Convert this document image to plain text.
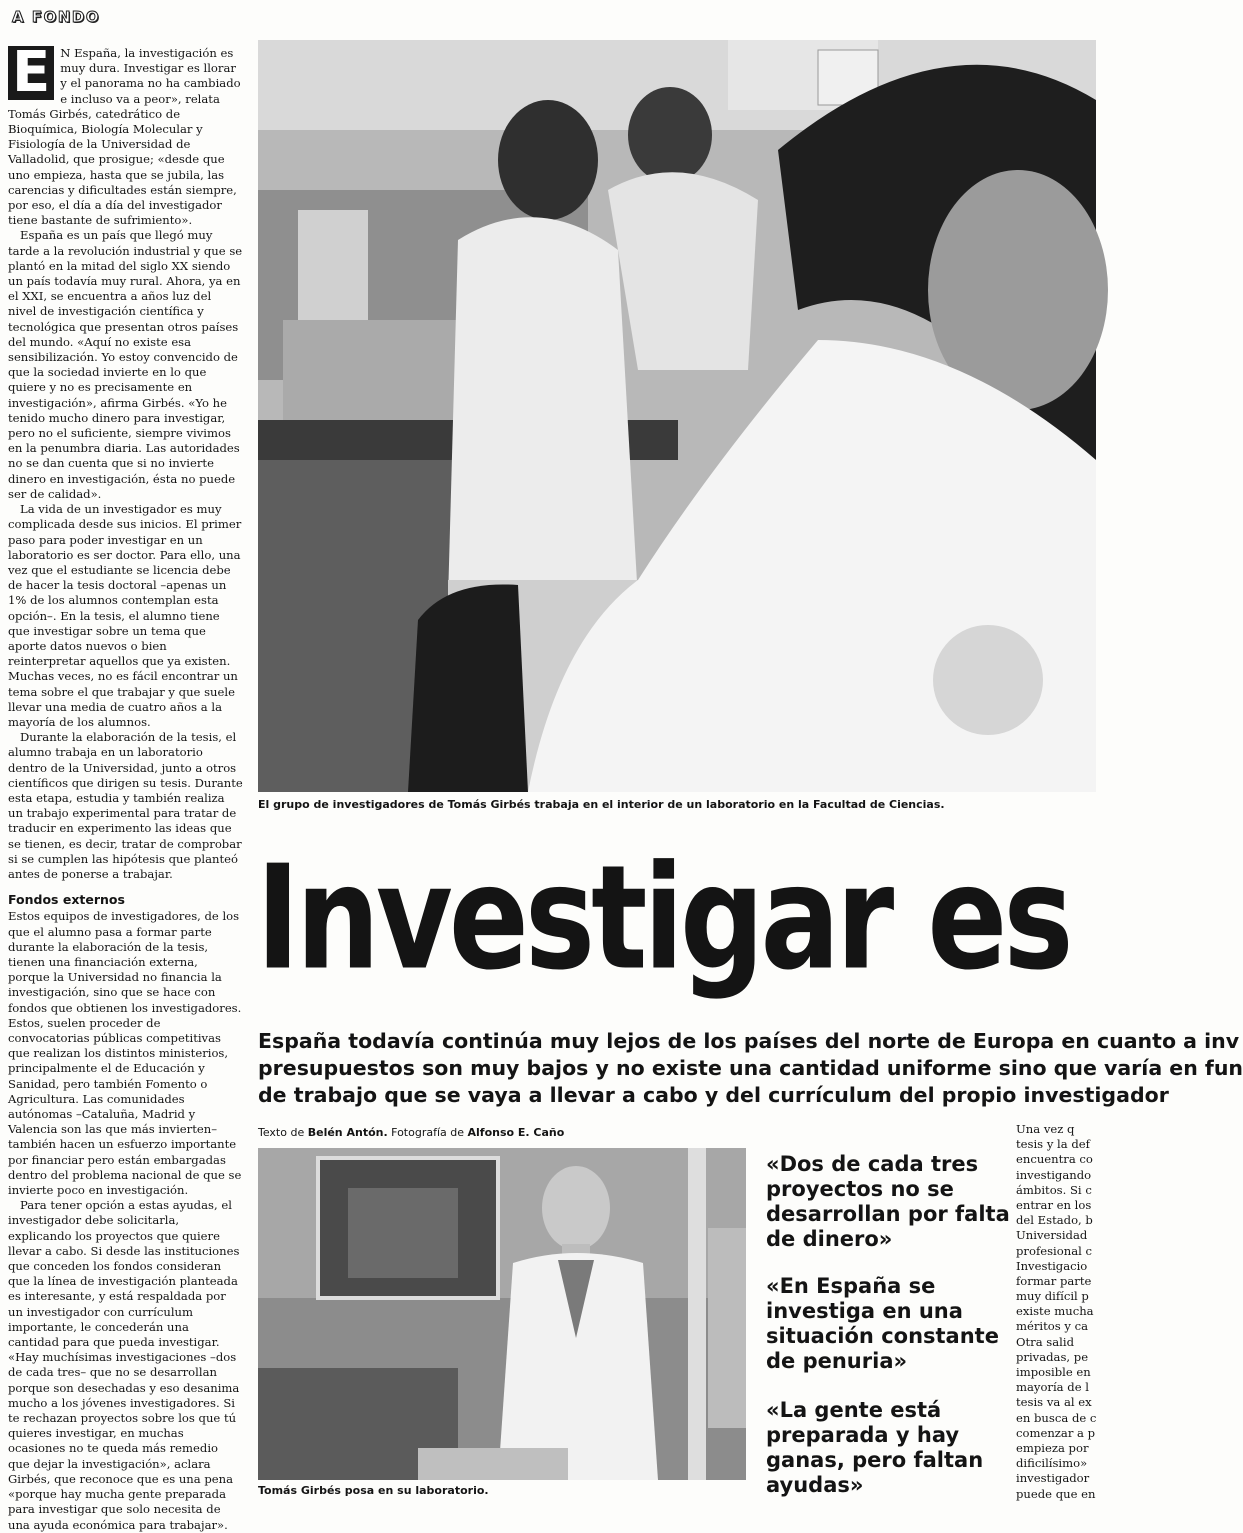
A FONDO

E N España, la investigación es muy dura. Investigar es llorar y el panorama no ha cambiado e incluso va a peor», relata Tomás Girbés, catedrático de Bioquímica, Biología Molecular y Fisiología de la Universidad de Valladolid, que prosigue; «desde que uno empieza, hasta que se jubila, las carencias y dificultades están siempre, por eso, el día a día del investigador tiene bastante de sufrimiento».

España es un país que llegó muy tarde a la revolución industrial y que se plantó en la mitad del siglo XX siendo un país todavía muy rural. Ahora, ya en el XXI, se encuentra a años luz del nivel de investigación científica y tecnológica que presentan otros países del mundo. «Aquí no existe esa sensibilización. Yo estoy convencido de que la sociedad invierte en lo que quiere y no es precisamente en investigación», afirma Girbés. «Yo he tenido mucho dinero para investigar, pero no el suficiente, siempre vivimos en la penumbra diaria. Las autoridades no se dan cuenta que si no invierte dinero en investigación, ésta no puede ser de calidad».

La vida de un investigador es muy complicada desde sus inicios. El primer paso para poder investigar en un laboratorio es ser doctor. Para ello, una vez que el estudiante se licencia debe de hacer la tesis doctoral –apenas un 1% de los alumnos contemplan esta opción–. En la tesis, el alumno tiene que investigar sobre un tema que aporte datos nuevos o bien reinterpretar aquellos que ya existen. Muchas veces, no es fácil encontrar un tema sobre el que trabajar y que suele llevar una media de cuatro años a la mayoría de los alumnos.

Durante la elaboración de la tesis, el alumno trabaja en un laboratorio dentro de la Universidad, junto a otros científicos que dirigen su tesis. Durante esta etapa, estudia y también realiza un trabajo experimental para tratar de traducir en experimento las ideas que se tienen, es decir, tratar de comprobar si se cumplen las hipótesis que planteó antes de ponerse a trabajar.

Fondos externos

Estos equipos de investigadores, de los que el alumno pasa a formar parte durante la elaboración de la tesis, tienen una financiación externa, porque la Universidad no financia la investigación, sino que se hace con fondos que obtienen los investigadores. Estos, suelen proceder de convocatorias públicas competitivas que realizan los distintos ministerios, principalmente el de Educación y Sanidad, pero también Fomento o Agricultura. Las comunidades autónomas –Cataluña, Madrid y Valencia son las que más invierten– también hacen un esfuerzo importante por financiar pero están embargadas dentro del problema nacional de que se invierte poco en investigación.

Para tener opción a estas ayudas, el investigador debe solicitarla, explicando los proyectos que quiere llevar a cabo. Si desde las instituciones que conceden los fondos consideran que la línea de investigación planteada es interesante, y está respaldada por un investigador con currículum importante, le concederán una cantidad para que pueda investigar. «Hay muchísimas investigaciones –dos de cada tres– que no se desarrollan porque son desechadas y eso desanima mucho a los jóvenes investigadores. Si te rechazan proyectos sobre los que tú quieres investigar, en muchas ocasiones no te queda más remedio que dejar la investigación», aclara Girbés, que reconoce que es una pena «porque hay mucha gente preparada para investigar que solo necesita de una ayuda económica para trabajar».

El grupo de investigadores de Tomás Girbés trabaja en el interior de un laboratorio en la Facultad de Ciencias.
Investigar es
España todavía continúa muy lejos de los países del norte de Europa en cuanto a inv
presupuestos son muy bajos y no existe una cantidad uniforme sino que varía en fun
de trabajo que se vaya a llevar a cabo y del currículum del propio investigador
Texto de Belén Antón. Fotografía de Alfonso E. Caño
Tomás Girbés posa en su laboratorio.
«Dos de cada tres proyectos no se desarrollan por falta de dinero»
«En España se investiga en una situación constante de penuria»
«La gente está preparada y hay ganas, pero faltan ayudas»
Una vez q
tesis y la def
encuentra co
investigando
ámbitos. Si c
entrar en los
del Estado, b
Universidad
profesional c
Investigacio
formar parte
muy difícil p
existe mucha
méritos y ca
Otra salid
privadas, pe
imposible en
mayoría de l
tesis va al ex
en busca de c
comenzar a p
empieza por
dificilísimo»
investigador
puede que en
